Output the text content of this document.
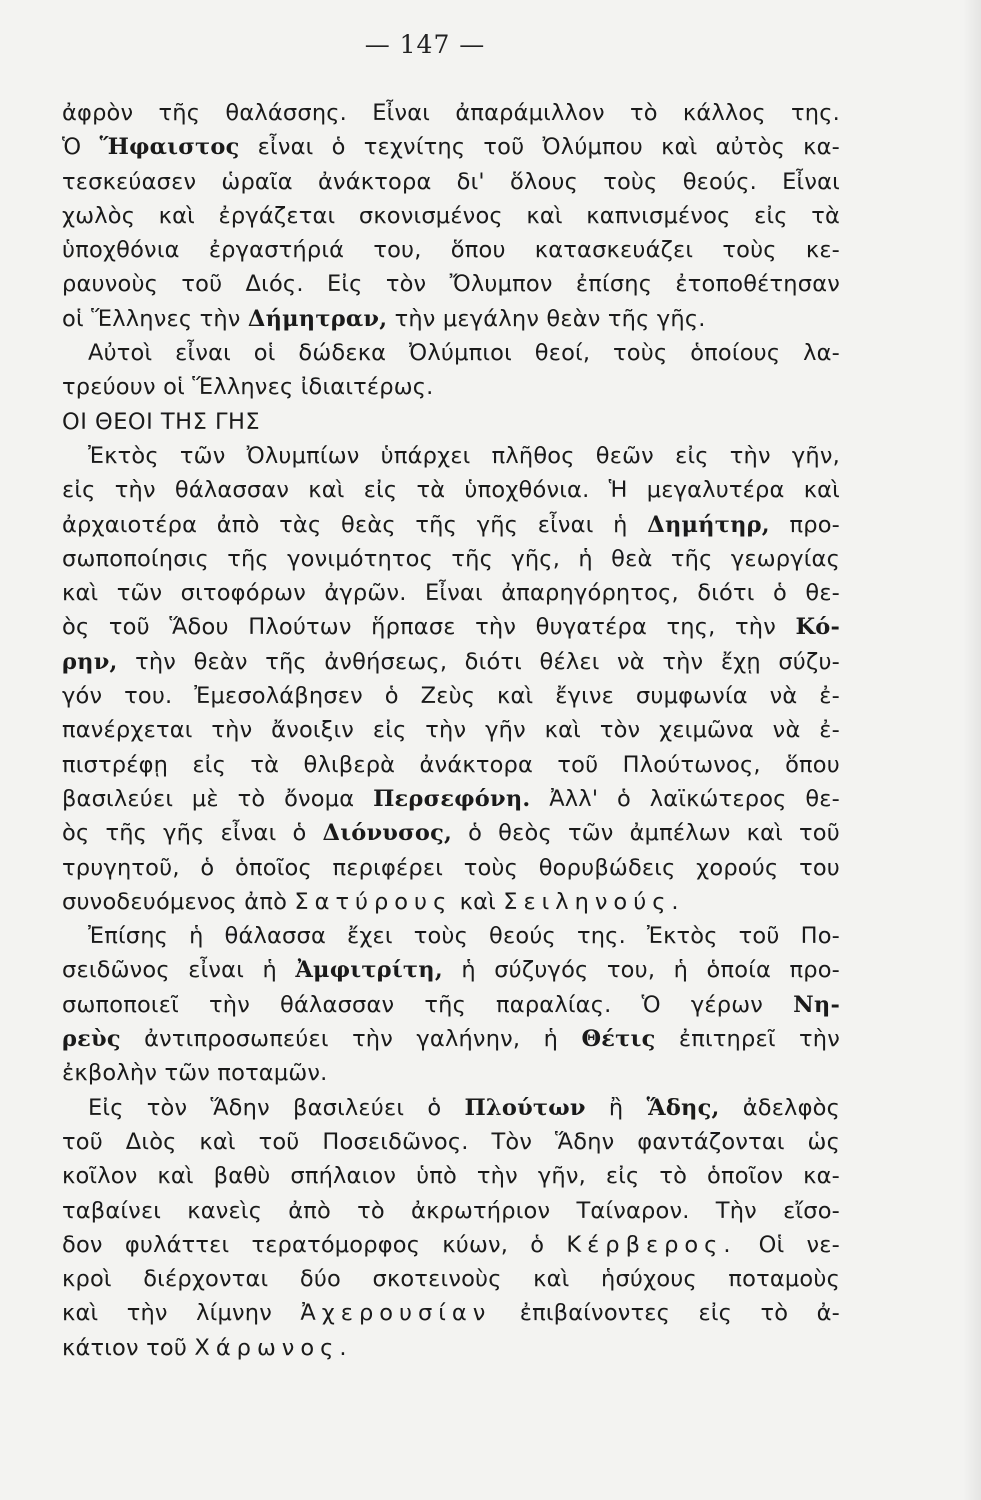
— 147 —
ἀφρὸν τῆς θαλάσσης. Εἶναι ἀπαράμιλλον τὸ κάλλος της.
Ὁ Ἥφαιστος εἶναι ὁ τεχνίτης τοῦ Ὀλύμπου καὶ αὐτὸς κα-
τεσκεύασεν ὡραῖα ἀνάκτορα δι' ὅλους τοὺς θεούς. Εἶναι
χωλὸς καὶ ἐργάζεται σκονισμένος καὶ καπνισμένος εἰς τὰ
ὑποχθόνια ἐργαστήριά του, ὅπου κατασκευάζει τοὺς κε-
ραυνοὺς τοῦ Διός. Εἰς τὸν Ὄλυμπον ἐπίσης ἐτοποθέτησαν
οἱ Ἕλληνες τὴν Δήμητραν, τὴν μεγάλην θεὰν τῆς γῆς.
Αὐτοὶ εἶναι οἱ δώδεκα Ὀλύμπιοι θεοί, τοὺς ὁποίους λα-
τρεύουν οἱ Ἕλληνες ἰδιαιτέρως.
ΟΙ ΘΕΟΙ ΤΗΣ ΓΗΣ
Ἐκτὸς τῶν Ὀλυμπίων ὑπάρχει πλῆθος θεῶν εἰς τὴν γῆν,
εἰς τὴν θάλασσαν καὶ εἰς τὰ ὑποχθόνια. Ἡ μεγαλυτέρα καὶ
ἀρχαιοτέρα ἀπὸ τὰς θεὰς τῆς γῆς εἶναι ἡ Δημήτηρ, προ-
σωποποίησις τῆς γονιμότητος τῆς γῆς, ἡ θεὰ τῆς γεωργίας
καὶ τῶν σιτοφόρων ἀγρῶν. Εἶναι ἀπαρηγόρητος, διότι ὁ θε-
ὸς τοῦ Ἅδου Πλούτων ἥρπασε τὴν θυγατέρα της, τὴν Κό-
ρην, τὴν θεὰν τῆς ἀνθήσεως, διότι θέλει νὰ τὴν ἔχῃ σύζυ-
γόν του. Ἐμεσολάβησεν ὁ Ζεὺς καὶ ἔγινε συμφωνία νὰ ἐ-
πανέρχεται τὴν ἄνοιξιν εἰς τὴν γῆν καὶ τὸν χειμῶνα νὰ ἐ-
πιστρέφῃ εἰς τὰ θλιβερὰ ἀνάκτορα τοῦ Πλούτωνος, ὅπου
βασιλεύει μὲ τὸ ὄνομα Περσεφόνη. Ἀλλ' ὁ λαϊκώτερος θε-
ὸς τῆς γῆς εἶναι ὁ Διόνυσος, ὁ θεὸς τῶν ἀμπέλων καὶ τοῦ
τρυγητοῦ, ὁ ὁποῖος περιφέρει τοὺς θορυβώδεις χορούς του
συνοδευόμενος ἀπὸ Σατύρους καὶ Σειληνούς.
Ἐπίσης ἡ θάλασσα ἔχει τοὺς θεούς της. Ἐκτὸς τοῦ Πο-
σειδῶνος εἶναι ἡ Ἀμφιτρίτη, ἡ σύζυγός του, ἡ ὁποία προ-
σωποποιεῖ τὴν θάλασσαν τῆς παραλίας. Ὁ γέρων Νη-
ρεὺς ἀντιπροσωπεύει τὴν γαλήνην, ἡ Θέτις ἐπιτηρεῖ τὴν
ἐκβολὴν τῶν ποταμῶν.
Εἰς τὸν Ἅδην βασιλεύει ὁ Πλούτων ἢ Ἅδης, ἀδελφὸς
τοῦ Διὸς καὶ τοῦ Ποσειδῶνος. Τὸν Ἅδην φαντάζονται ὡς
κοῖλον καὶ βαθὺ σπήλαιον ὑπὸ τὴν γῆν, εἰς τὸ ὁποῖον κα-
ταβαίνει κανεὶς ἀπὸ τὸ ἀκρωτήριον Ταίναρον. Τὴν εἴσο-
δον φυλάττει τερατόμορφος κύων, ὁ Κέρβερος. Οἱ νε-
κροὶ διέρχονται δύο σκοτεινοὺς καὶ ἡσύχους ποταμοὺς
καὶ τὴν λίμνην Ἀχερουσίαν ἐπιβαίνοντες εἰς τὸ ἀ-
κάτιον τοῦ Χάρωνος.
